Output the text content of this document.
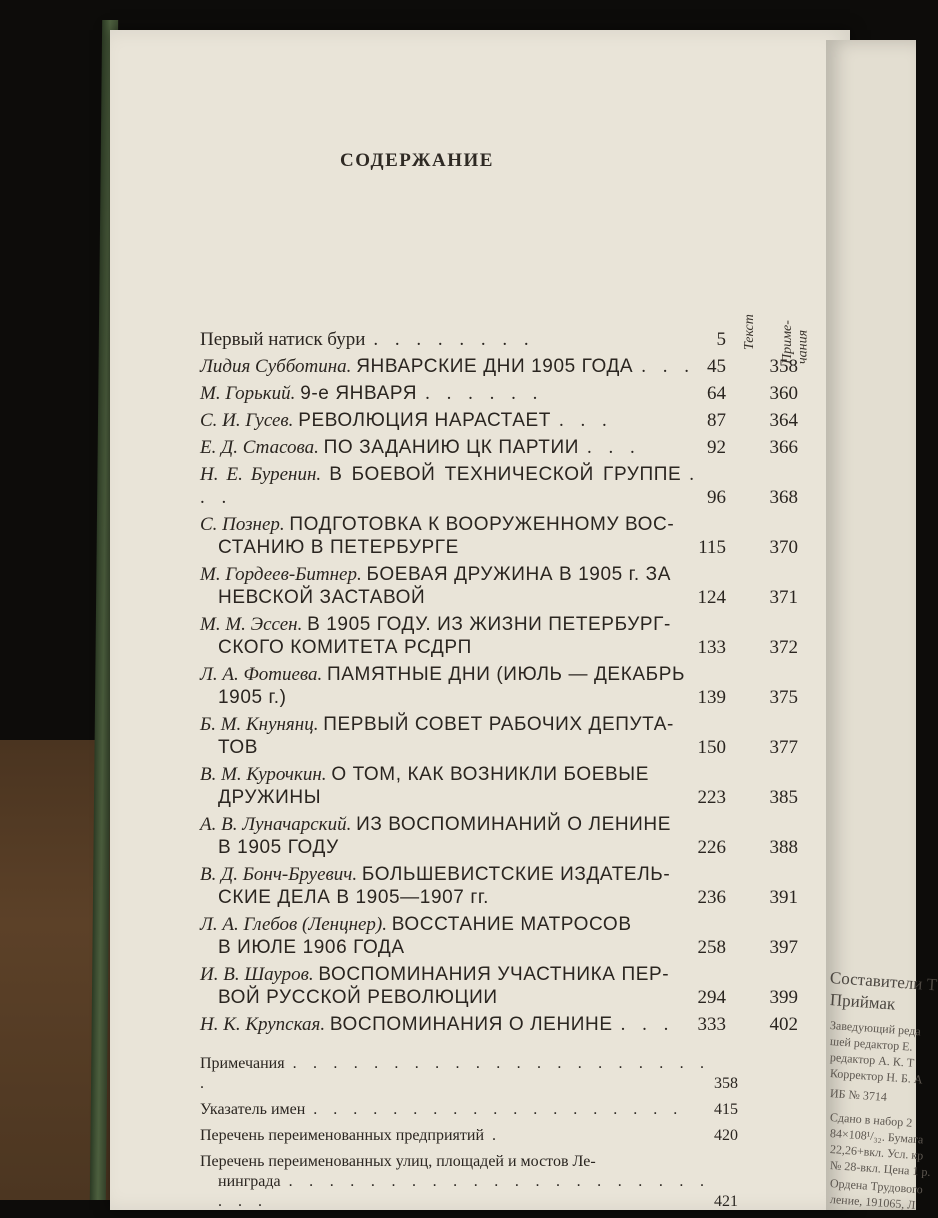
Составители Т
Приймак
Заведующий реда
шей редактор Е.
редактор А. К. Т
Корректор Н. Б. А
ИБ № 3714
Сдано в набор 2
84×108¹/₃₂. Бумага
22,26+вкл. Усл. кр
№ 28-вкл. Цена 1 р.
Ордена Трудового
ление, 191065, Л
СОДЕРЖАНИЕ
Текст Приме-чания
Первый натиск бури . . . . . . . .	5
Лидия Субботина. ЯНВАРСКИЕ ДНИ 1905 ГОДА . . . 45	358
М. Горький. 9-е ЯНВАРЯ . . . . . .	64	360
С. И. Гусев. РЕВОЛЮЦИЯ НАРАСТАЕТ . . .	87	364
Е. Д. Стасова. ПО ЗАДАНИЮ ЦК ПАРТИИ . . .	92	366
Н. Е. Буренин. В БОЕВОЙ ТЕХНИЧЕСКОЙ ГРУППЕ . . .	96	368
С. Познер. ПОДГОТОВКА К ВООРУЖЕННОМУ ВОС-
СТАНИЮ В ПЕТЕРБУРГЕ	115	370
М. Гордеев-Битнер. БОЕВАЯ ДРУЖИНА В 1905 г. ЗА
НЕВСКОЙ ЗАСТАВОЙ	124	371
М. М. Эссен. В 1905 ГОДУ. ИЗ ЖИЗНИ ПЕТЕРБУРГ-
СКОГО КОМИТЕТА РСДРП	133	372
Л. А. Фотиева. ПАМЯТНЫЕ ДНИ (ИЮЛЬ — ДЕКАБРЬ
1905 г.)	139	375
Б. М. Кнунянц. ПЕРВЫЙ СОВЕТ РАБОЧИХ ДЕПУТА-
ТОВ	150	377
В. М. Курочкин. О ТОМ, КАК ВОЗНИКЛИ БОЕВЫЕ
ДРУЖИНЫ	223	385
А. В. Луначарский. ИЗ ВОСПОМИНАНИЙ О ЛЕНИНЕ
В 1905 ГОДУ	226	388
В. Д. Бонч-Бруевич. БОЛЬШЕВИСТСКИЕ ИЗДАТЕЛЬ-
СКИЕ ДЕЛА В 1905—1907 гг.	236	391
Л. А. Глебов (Ленцнер). ВОССТАНИЕ МАТРОСОВ
В ИЮЛЕ 1906 ГОДА	258	397
И. В. Шауров. ВОСПОМИНАНИЯ УЧАСТНИКА ПЕР-
ВОЙ РУССКОЙ РЕВОЛЮЦИИ	294	399
Н. К. Крупская. ВОСПОМИНАНИЯ О ЛЕНИНЕ . . .	333	402
Примечания . . . . . . . . . . . . . . . . . . . . . .	358
Указатель имен . . . . . . . . . . . . . . . . . . .	415
Перечень переименованных предприятий .	420
Перечень переименованных улиц, площадей и мостов Ле-
нинграда . . . . . . . . . . . . . . . . . . . . . . . .	421
